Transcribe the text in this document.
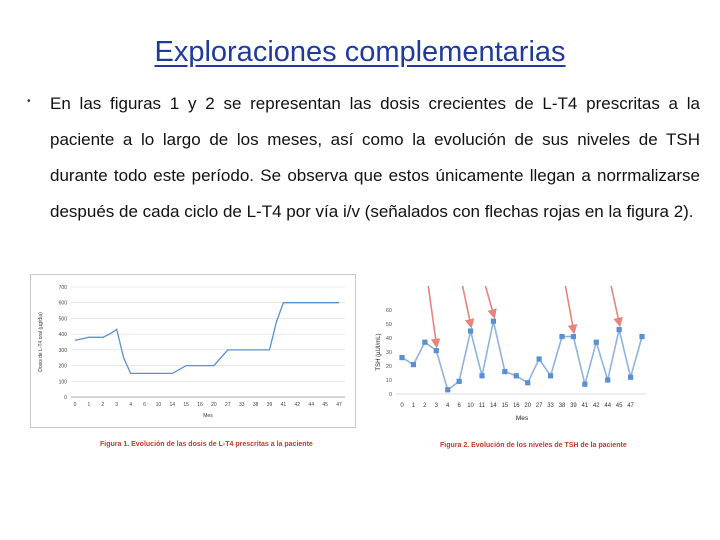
Exploraciones complementarias
• En las figuras 1 y 2 se representan las dosis crecientes de L-T4 prescritas a la paciente a lo largo de los meses, así como la evolución de sus niveles de TSH durante todo este período. Se observa que estos únicamente llegan a norrmalizarse después de cada ciclo de L-T4 por vía i/v (señalados con flechas rojas en la figura 2).
0
100
200
300
400
500
600
700
0 1 2 3 4 6 10 14 15 16 20 27 33 38 39 41 42 44 45 47
Mes
Dosis de L-T4 oral (µg/día)
Figura 1. Evolución de las dosis de L-T4 prescritas a la paciente
0
10
20
30
40
50
60
0 1 2 3 4 6 10 11 14 15 16 20 27 33 38 39 41 42 44 45 47
Mes
TSH (µUI/mL)
Figura 2. Evolución de los niveles de TSH de la paciente
